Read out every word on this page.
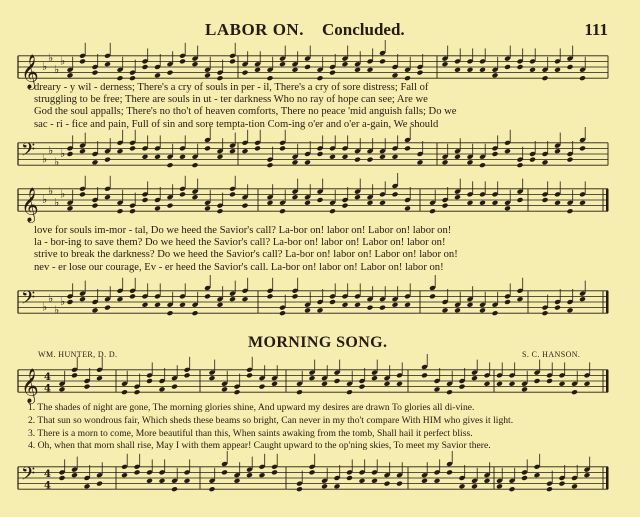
LABOR ON. Concluded.	111
𝄞 ♭
♭
♭
♭
dreary - y wil - derness; There's a cry of souls in per - il, There's a cry of sore distress; Fall of
struggling to be free; There are souls in ut - ter darkness Who no ray of hope can see; Are we
God the soul appalls; There's no tho't of heaven comforts, There no peace 'mid anguish falls; Do we
sac - ri - fice and pain, Full of sin and sore tempta-tion Com-ing o'er and o'er a-gain, We should
𝄢 ♭
♭
♭
♭
𝄞 ♭
♭
♭
♭
love for souls im-mor - tal, Do we heed the Savior's call? La-bor on! labor on! Labor on! labor on!
la - bor-ing to save them? Do we heed the Savior's call? La-bor on! labor on! Labor on! labor on!
strive to break the darkness? Do we heed the Savior's call? La-bor on! labor on! Labor on! labor on!
nev - er lose our courage, Ev - er heed the Savior's call. La-bor on! labor on! Labor on! labor on!
𝄢 ♭
♭
♭
♭
MORNING SONG.
WM. HUNTER, D. D.	S. C. HANSON.
𝄞 4
4
1. The shades of night are gone, The morning glories shine, And upward my desires are drawn To glories all di-vine.
2. That sun so wondrous fair, Which sheds these beams so bright, Can never in my tho't compare With HIM who gives it light.
3. There is a morn to come, More beautiful than this, When saints awaking from the tomb, Shall hail it perfect bliss.
4. Oh, when that morn shall rise, May I with them appear! Caught upward to the op'ning skies, To meet my Savior there.
𝄢 4
4
